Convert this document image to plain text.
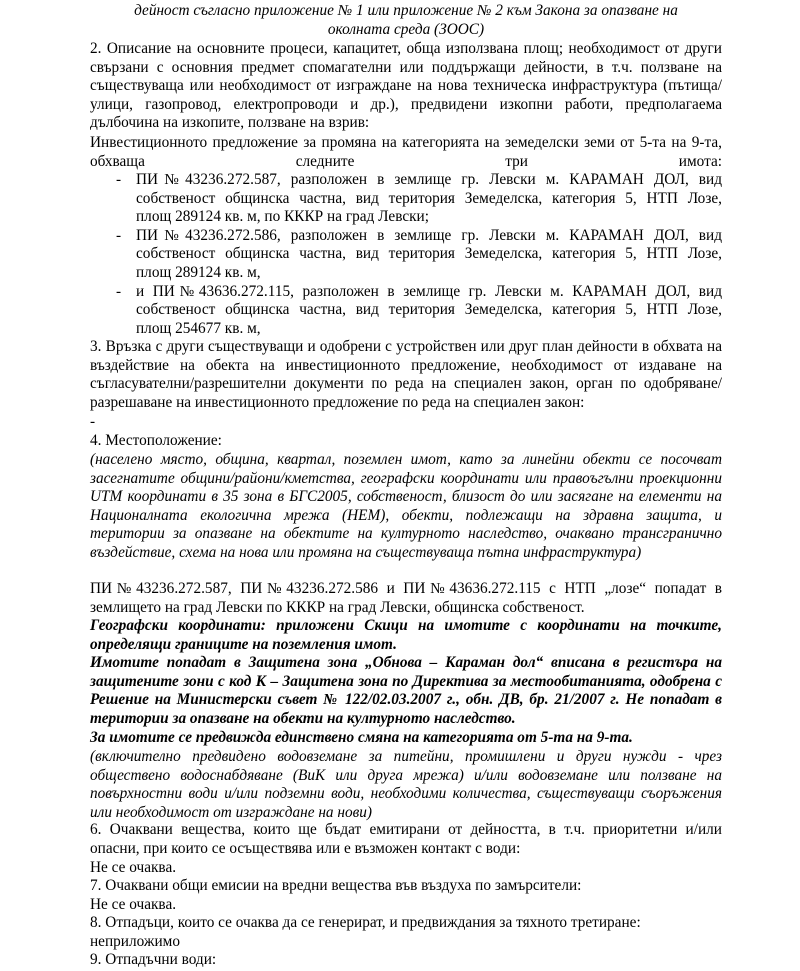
дейност съгласно приложение № 1 или приложение № 2 към Закона за опазване на околната среда (ЗООС)

2. Описание на основните процеси, капацитет, обща използвана площ; необходимост от други свързани с основния предмет спомагателни или поддържащи дейности, в т.ч. ползване на съществуваща или необходимост от изграждане на нова техническа инфраструктура (пътища/улици, газопровод, електропроводи и др.), предвидени изкопни работи, предполагаема дълбочина на изкопите, ползване на взрив:

Инвестиционното предложение за промяна на категорията на земеделски земи от 5-та на 9-та, обхваща следните три имота:

- ПИ№43236.272.587, разположен в землище гр. Левски м. КАРАМАН ДОЛ, вид собственост общинска частна, вид територия Земеделска, категория 5, НТП Лозе,
площ 289124 кв. м, по КККР на град Левски;
- ПИ№43236.272.586, разположен в землище гр. Левски м. КАРАМАН ДОЛ, вид собственост общинска частна, вид територия Земеделска, категория 5, НТП Лозе,
площ 289124 кв. м,
- и ПИ№43636.272.115, разположен в землище гр. Левски м. КАРАМАН ДОЛ, вид собственост общинска частна, вид територия Земеделска, категория 5, НТП Лозе,
площ 254677 кв. м,

3. Връзка с други съществуващи и одобрени с устройствен или друг план дейности в обхвата на въздействие на обекта на инвестиционното предложение, необходимост от издаване на съгласувателни/разрешителни документи по реда на специален закон, орган по одобряване/разрешаване на инвестиционното предложение по реда на специален закон:

-

4. Местоположение:

(населено място, община, квартал, поземлен имот, като за линейни обекти се посочват засегнатите общини/райони/кметства, географски координати или правоъгълни проекционни UTM координати в 35 зона в БГС2005, собственост, близост до или засягане на елементи на Националната екологична мрежа (НЕМ), обекти, подлежащи на здравна защита, и територии за опазване на обектите на културното наследство, очаквано трансгранично въздействие, схема на нова или промяна на съществуваща пътна инфраструктура)

ПИ№43236.272.587, ПИ№43236.272.586 и ПИ№43636.272.115 с НТП „лозе“ попадат в землището на град Левски по КККР на град Левски, общинска собственост.

Географски координати: приложени Скици на имотите с координати на точките, определящи границите на поземления имот.

Имотите попадат в Защитена зона „Обнова – Караман дол“ вписана в регистъра на защитените зони с код К – Защитена зона по Директива за местообитанията, одобрена с Решение на Министерски съвет № 122/02.03.2007 г., обн. ДВ, бр. 21/2007 г. Не попадат в територии за опазване на обекти на културното наследство.

За имотите се предвижда единствено смяна на категорията от 5-та на 9-та.

(включително предвидено водовземане за питейни, промишлени и други нужди - чрез обществено водоснабдяване (ВиК или друга мрежа) и/или водовземане или ползване на повърхностни води и/или подземни води, необходими количества, съществуващи съоръжения или необходимост от изграждане на нови)

6. Очаквани вещества, които ще бъдат емитирани от дейността, в т.ч. приоритетни и/или опасни, при които се осъществява или е възможен контакт с води:

Не се очаква.

7. Очаквани общи емисии на вредни вещества във въздуха по замърсители:

Не се очаква.

8. Отпадъци, които се очаква да се генерират, и предвиждания за тяхното третиране:

неприложимо

9. Отпадъчни води:
